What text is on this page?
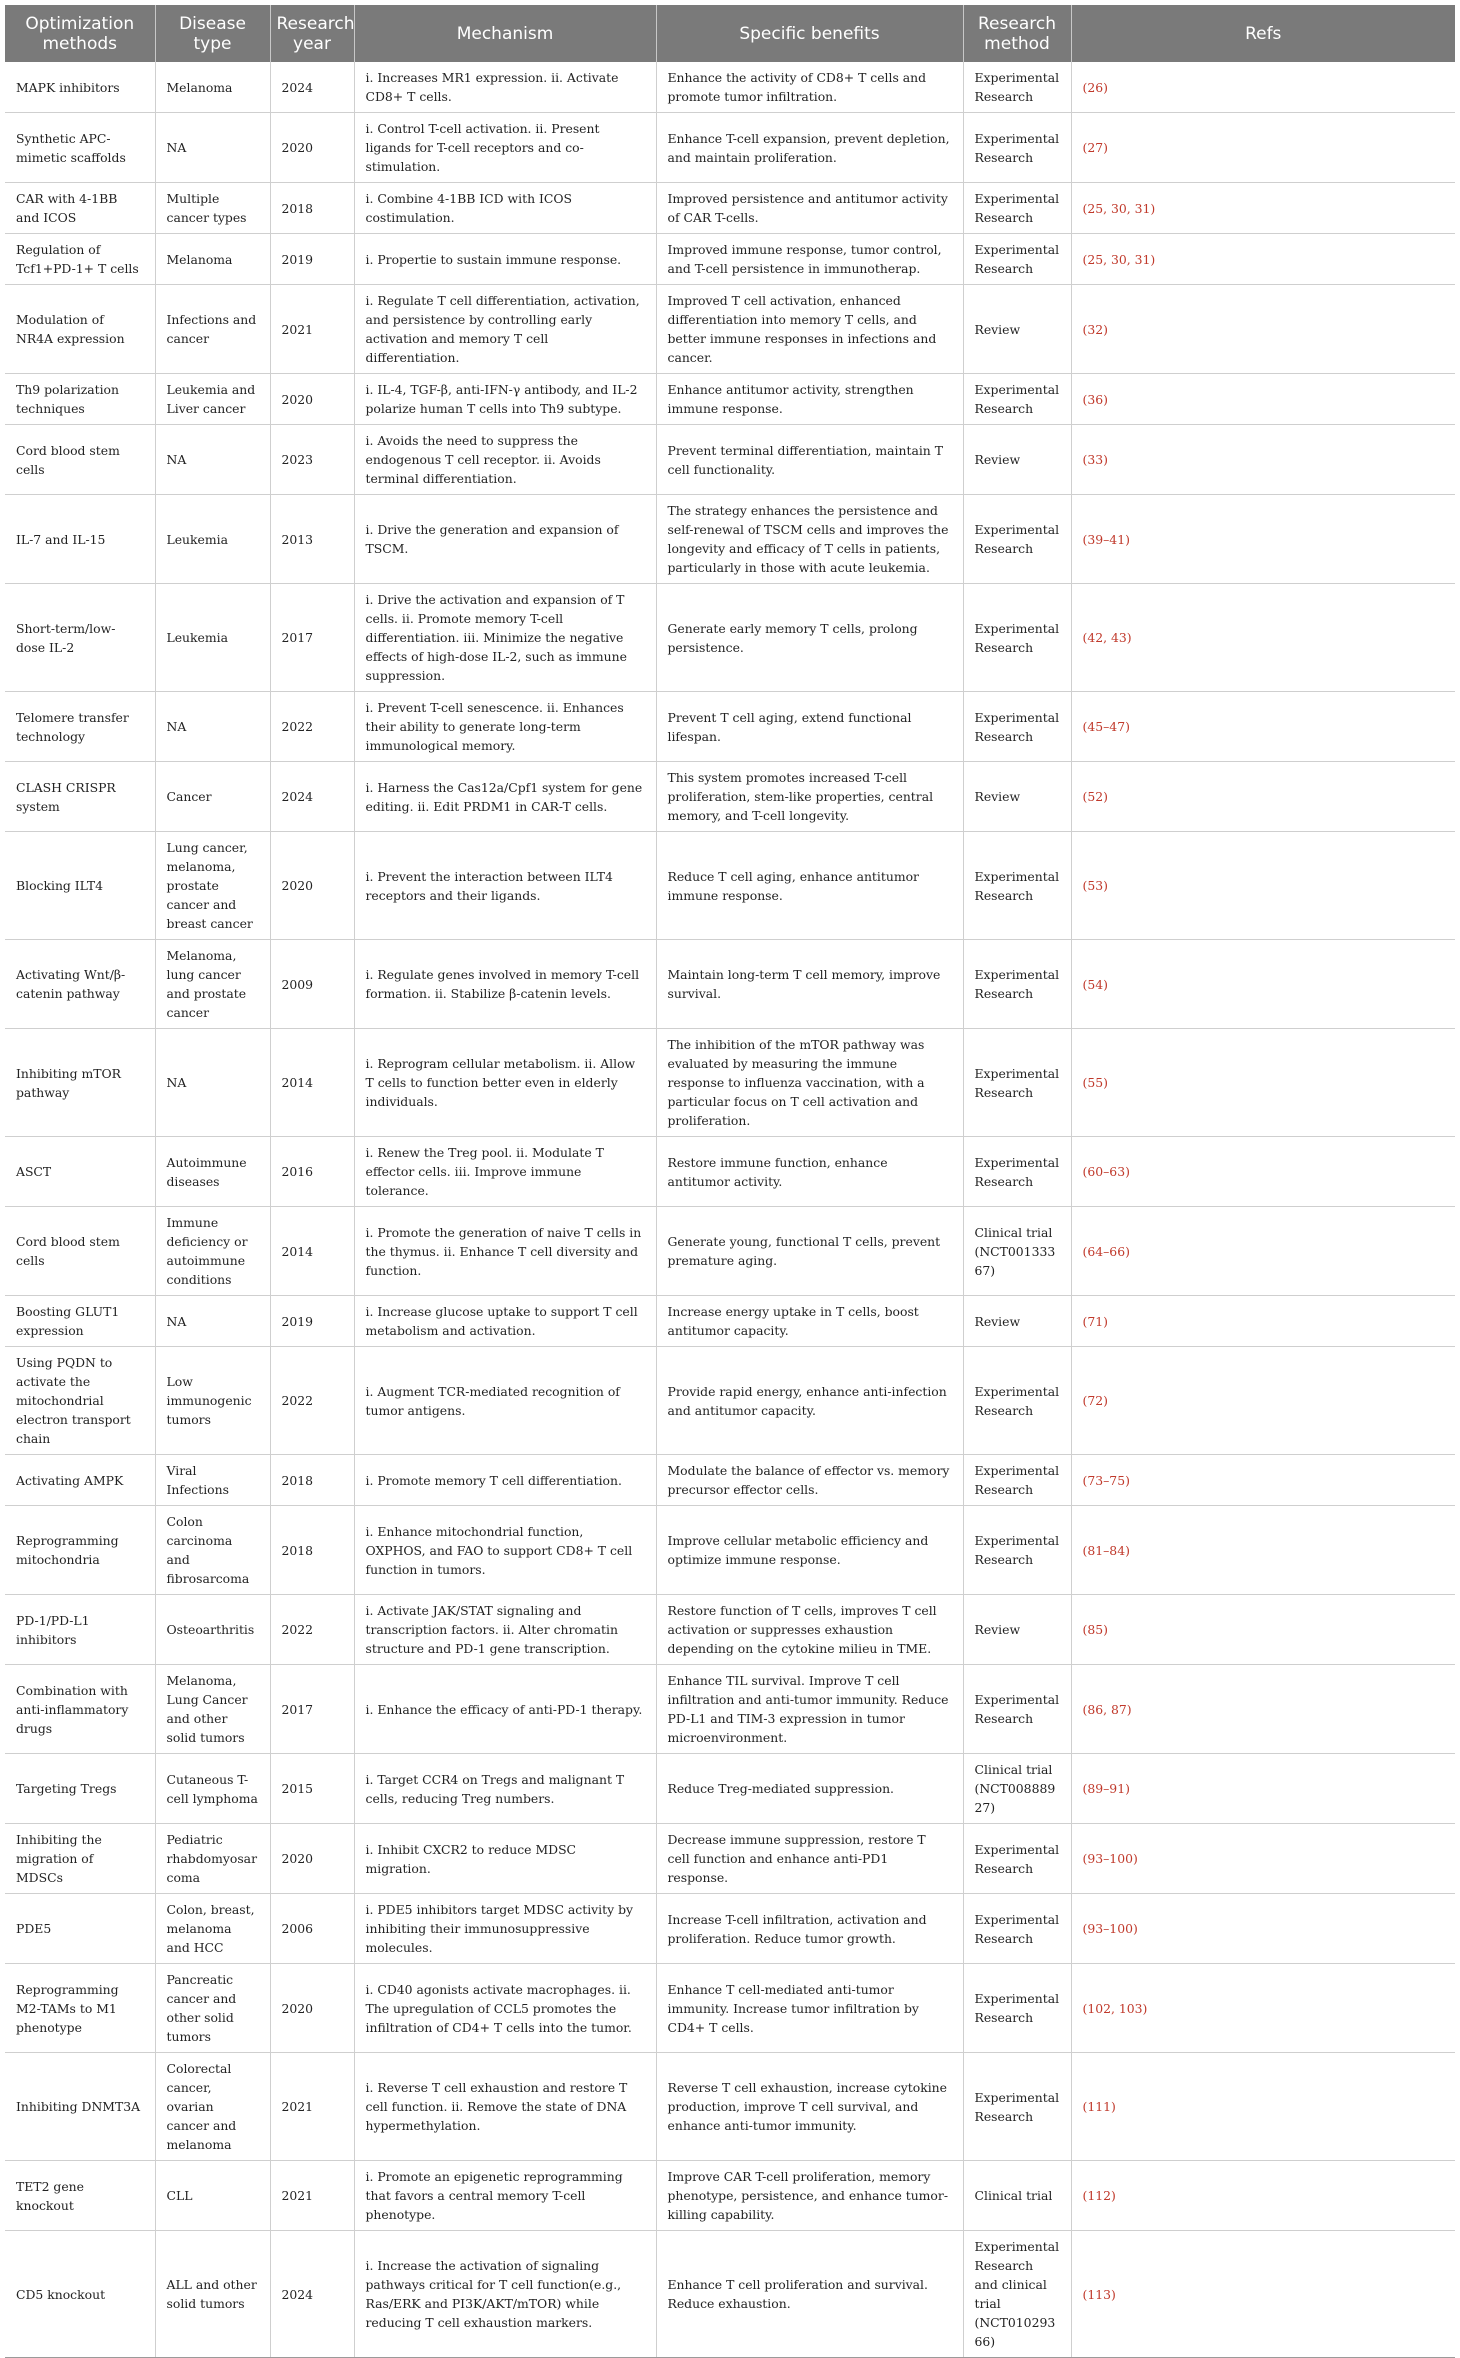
Optimization methods	Disease type	Research year	Mechanism	Specific benefits	Research method	Refs
MAPK inhibitors	Melanoma	2024	i. Increases MR1 expression. ii. Activate CD8+ T cells.	Enhance the activity of CD8+ T cells and promote tumor infiltration.	Experimental Research	(26)
Synthetic APC-mimetic scaffolds	NA	2020	i. Control T-cell activation. ii. Present ligands for T-cell receptors and co-stimulation.	Enhance T-cell expansion, prevent depletion, and maintain proliferation.	Experimental Research	(27)
CAR with 4-1BB and ICOS	Multiple cancer types	2018	i. Combine 4-1BB ICD with ICOS costimulation.	Improved persistence and antitumor activity of CAR T-cells.	Experimental Research	(25, 30, 31)
Regulation of Tcf1+PD-1+ T cells	Melanoma	2019	i. Propertie to sustain immune response.	Improved immune response, tumor control, and T-cell persistence in immunotherap.	Experimental Research	(25, 30, 31)
Modulation of NR4A expression	Infections and cancer	2021	i. Regulate T cell differentiation, activation, and persistence by controlling early activation and memory T cell differentiation.	Improved T cell activation, enhanced differentiation into memory T cells, and better immune responses in infections and cancer.	Review	(32)
Th9 polarization techniques	Leukemia and Liver cancer	2020	i. IL-4, TGF-β, anti-IFN-γ antibody, and IL-2 polarize human T cells into Th9 subtype.	Enhance antitumor activity, strengthen immune response.	Experimental Research	(36)
Cord blood stem cells	NA	2023	i. Avoids the need to suppress the endogenous T cell receptor. ii. Avoids terminal differentiation.	Prevent terminal differentiation, maintain T cell functionality.	Review	(33)
IL-7 and IL-15	Leukemia	2013	i. Drive the generation and expansion of TSCM.	The strategy enhances the persistence and self-renewal of TSCM cells and improves the longevity and efficacy of T cells in patients, particularly in those with acute leukemia.	Experimental Research	(39–41)
Short-term/low-dose IL-2	Leukemia	2017	i. Drive the activation and expansion of T cells. ii. Promote memory T-cell differentiation. iii. Minimize the negative effects of high-dose IL-2, such as immune suppression.	Generate early memory T cells, prolong persistence.	Experimental Research	(42, 43)
Telomere transfer technology	NA	2022	i. Prevent T-cell senescence. ii. Enhances their ability to generate long-term immunological memory.	Prevent T cell aging, extend functional lifespan.	Experimental Research	(45–47)
CLASH CRISPR system	Cancer	2024	i. Harness the Cas12a/Cpf1 system for gene editing. ii. Edit PRDM1 in CAR-T cells.	This system promotes increased T-cell proliferation, stem-like properties, central memory, and T-cell longevity.	Review	(52)
Blocking ILT4	Lung cancer, melanoma, prostate cancer and breast cancer	2020	i. Prevent the interaction between ILT4 receptors and their ligands.	Reduce T cell aging, enhance antitumor immune response.	Experimental Research	(53)
Activating Wnt/β-catenin pathway	Melanoma, lung cancer and prostate cancer	2009	i. Regulate genes involved in memory T-cell formation. ii. Stabilize β-catenin levels.	Maintain long-term T cell memory, improve survival.	Experimental Research	(54)
Inhibiting mTOR pathway	NA	2014	i. Reprogram cellular metabolism. ii. Allow T cells to function better even in elderly individuals.	The inhibition of the mTOR pathway was evaluated by measuring the immune response to influenza vaccination, with a particular focus on T cell activation and proliferation.	Experimental Research	(55)
ASCT	Autoimmune diseases	2016	i. Renew the Treg pool. ii. Modulate T effector cells. iii. Improve immune tolerance.	Restore immune function, enhance antitumor activity.	Experimental Research	(60–63)
Cord blood stem cells	Immune deficiency or autoimmune conditions	2014	i. Promote the generation of naive T cells in the thymus. ii. Enhance T cell diversity and function.	Generate young, functional T cells, prevent premature aging.	Clinical trial (NCT00133367)	(64–66)
Boosting GLUT1 expression	NA	2019	i. Increase glucose uptake to support T cell metabolism and activation.	Increase energy uptake in T cells, boost antitumor capacity.	Review	(71)
Using PQDN to activate the mitochondrial electron transport chain	Low immunogenic tumors	2022	i. Augment TCR-mediated recognition of tumor antigens.	Provide rapid energy, enhance anti-infection and antitumor capacity.	Experimental Research	(72)
Activating AMPK	Viral Infections	2018	i. Promote memory T cell differentiation.	Modulate the balance of effector vs. memory precursor effector cells.	Experimental Research	(73–75)
Reprogramming mitochondria	Colon carcinoma and fibrosarcoma	2018	i. Enhance mitochondrial function, OXPHOS, and FAO to support CD8+ T cell function in tumors.	Improve cellular metabolic efficiency and optimize immune response.	Experimental Research	(81–84)
PD-1/PD-L1 inhibitors	Osteoarthritis	2022	i. Activate JAK/STAT signaling and transcription factors. ii. Alter chromatin structure and PD-1 gene transcription.	Restore function of T cells, improves T cell activation or suppresses exhaustion depending on the cytokine milieu in TME.	Review	(85)
Combination with anti-inflammatory drugs	Melanoma, Lung Cancer and other solid tumors	2017	i. Enhance the efficacy of anti-PD-1 therapy.	Enhance TIL survival. Improve T cell infiltration and anti-tumor immunity. Reduce PD-L1 and TIM-3 expression in tumor microenvironment.	Experimental Research	(86, 87)
Targeting Tregs	Cutaneous T-cell lymphoma	2015	i. Target CCR4 on Tregs and malignant T cells, reducing Treg numbers.	Reduce Treg-mediated suppression.	Clinical trial (NCT00888927)	(89–91)
Inhibiting the migration of MDSCs	Pediatric rhabdomyosarcoma	2020	i. Inhibit CXCR2 to reduce MDSC migration.	Decrease immune suppression, restore T cell function and enhance anti-PD1 response.	Experimental Research	(93–100)
PDE5	Colon, breast, melanoma and HCC	2006	i. PDE5 inhibitors target MDSC activity by inhibiting their immunosuppressive molecules.	Increase T-cell infiltration, activation and proliferation. Reduce tumor growth.	Experimental Research	(93–100)
Reprogramming M2-TAMs to M1 phenotype	Pancreatic cancer and other solid tumors	2020	i. CD40 agonists activate macrophages. ii. The upregulation of CCL5 promotes the infiltration of CD4+ T cells into the tumor.	Enhance T cell-mediated anti-tumor immunity. Increase tumor infiltration by CD4+ T cells.	Experimental Research	(102, 103)
Inhibiting DNMT3A	Colorectal cancer, ovarian cancer and melanoma	2021	i. Reverse T cell exhaustion and restore T cell function. ii. Remove the state of DNA hypermethylation.	Reverse T cell exhaustion, increase cytokine production, improve T cell survival, and enhance anti-tumor immunity.	Experimental Research	(111)
TET2 gene knockout	CLL	2021	i. Promote an epigenetic reprogramming that favors a central memory T-cell phenotype.	Improve CAR T-cell proliferation, memory phenotype, persistence, and enhance tumor-killing capability.	Clinical trial	(112)
CD5 knockout	ALL and other solid tumors	2024	i. Increase the activation of signaling pathways critical for T cell function(e.g., Ras/ERK and PI3K/AKT/mTOR) while reducing T cell exhaustion markers.	Enhance T cell proliferation and survival. Reduce exhaustion.	Experimental Research and clinical trial (NCT01029366)	(113)
